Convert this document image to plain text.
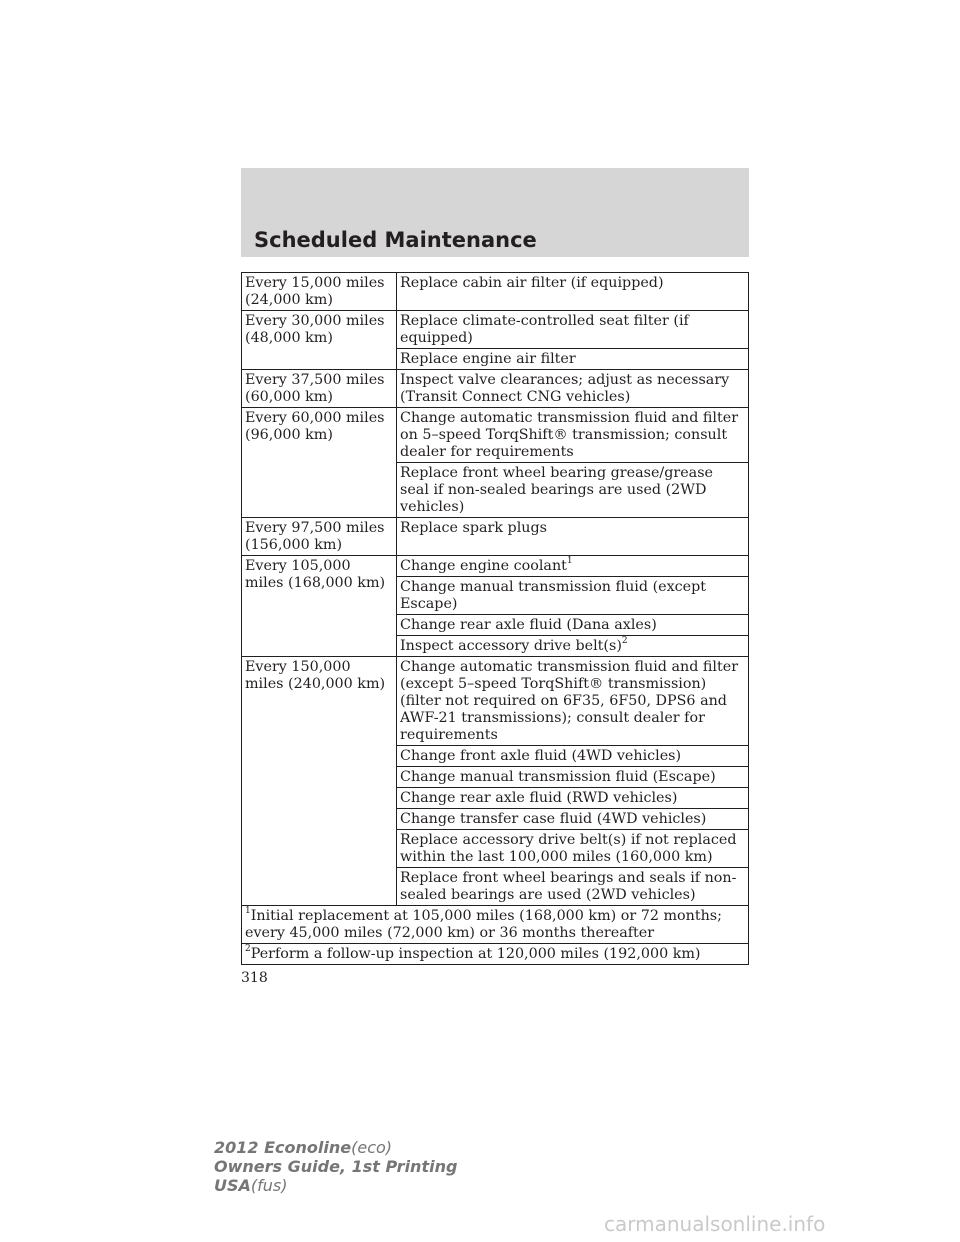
Scheduled Maintenance
Every 15,000 miles (24,000 km)	Replace cabin air filter (if equipped)
Every 30,000 miles (48,000 km)	Replace climate-controlled seat filter (if equipped)
	Replace engine air filter
Every 37,500 miles (60,000 km)	Inspect valve clearances; adjust as necessary (Transit Connect CNG vehicles)
Every 60,000 miles (96,000 km)	Change automatic transmission fluid and filter on 5–speed TorqShift® transmission; consult dealer for requirements
	Replace front wheel bearing grease/grease seal if non-sealed bearings are used (2WD vehicles)
Every 97,500 miles (156,000 km)	Replace spark plugs
Every 105,000 miles (168,000 km)	Change engine coolant$^1$
	Change manual transmission fluid (except Escape)
	Change rear axle fluid (Dana axles)
	Inspect accessory drive $belt(s)^2$
Every 150,000 miles (240,000 km)	Change automatic transmission fluid and filter (except 5–speed TorqShift® transmission) (filter not required on 6F35, 6F50, DPS6 and AWF-21 transmissions); consult dealer for requirements
	Change front axle fluid (4WD vehicles)
	Change manual transmission fluid (Escape)
	Change rear axle fluid (RWD vehicles)
	Change transfer case fluid (4WD vehicles)
	Replace accessory drive belt(s) if not replaced within the last 100,000 miles (160,000 km)
	Replace front wheel bearings and seals if non-sealed bearings are used (2WD vehicles)
$^1$Initial replacement at 105,000 miles (168,000 km) or 72 months; every 45,000 miles (72,000 km) or 36 months thereafter	
$^2$Perform a follow-up inspection at 120,000 miles (192,000 km)	
318
2012 Econoline(eco)
Owners Guide, 1st Printing
USA(fus)
carmanualsonline.info
